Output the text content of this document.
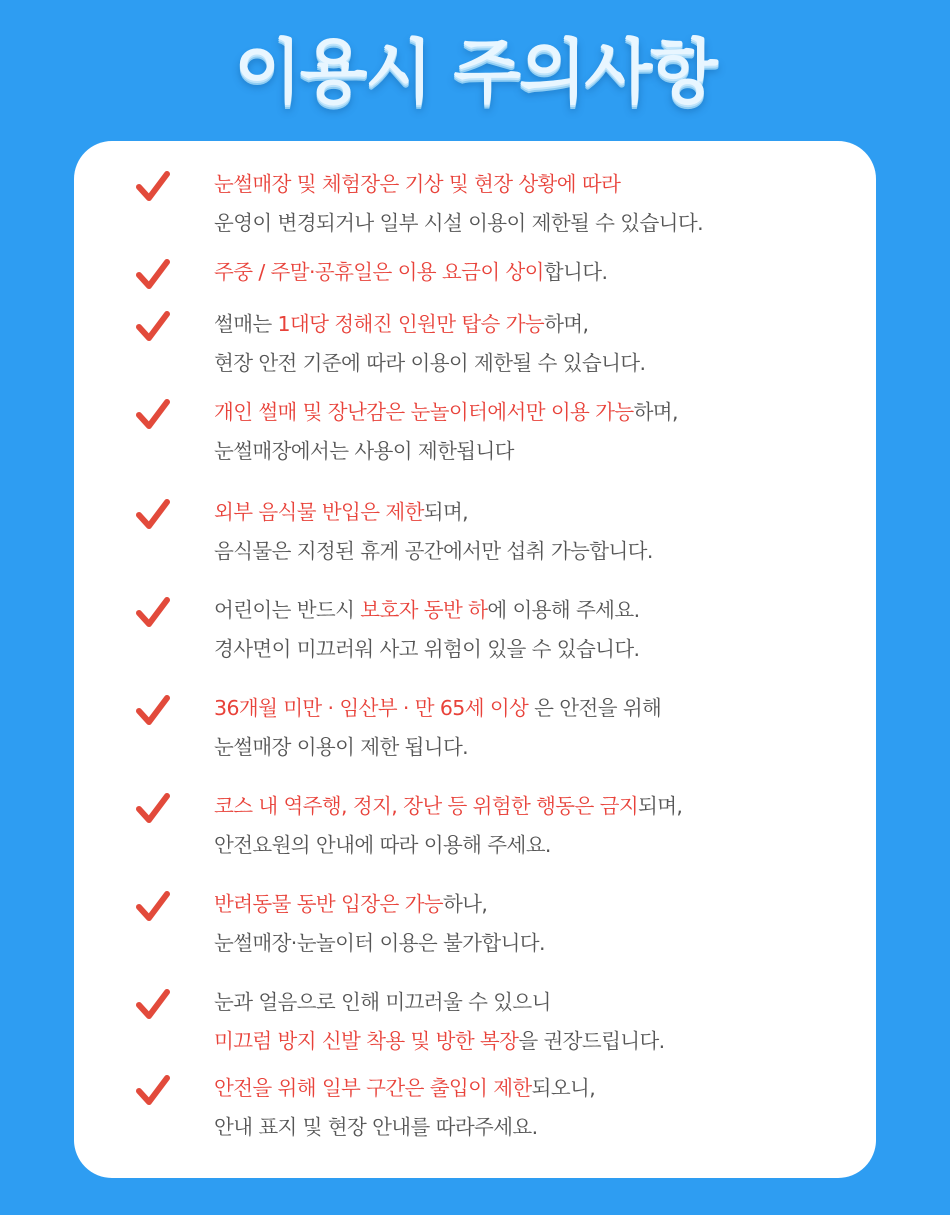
이용시 주의사항
눈썰매장 및 체험장은 기상 및 현장 상황에 따라
운영이 변경되거나 일부 시설 이용이 제한될 수 있습니다.
주중 / 주말·공휴일은 이용 요금이 상이합니다.
썰매는 1대당 정해진 인원만 탑승 가능하며,
현장 안전 기준에 따라 이용이 제한될 수 있습니다.
개인 썰매 및 장난감은 눈놀이터에서만 이용 가능하며,
눈썰매장에서는 사용이 제한됩니다
외부 음식물 반입은 제한되며,
음식물은 지정된 휴게 공간에서만 섭취 가능합니다.
어린이는 반드시 보호자 동반 하에 이용해 주세요.
경사면이 미끄러워 사고 위험이 있을 수 있습니다.
36개월 미만 · 임산부 · 만 65세 이상 은 안전을 위해
눈썰매장 이용이 제한 됩니다.
코스 내 역주행, 정지, 장난 등 위험한 행동은 금지되며,
안전요원의 안내에 따라 이용해 주세요.
반려동물 동반 입장은 가능하나,
눈썰매장·눈놀이터 이용은 불가합니다.
눈과 얼음으로 인해 미끄러울 수 있으니
미끄럼 방지 신발 착용 및 방한 복장을 권장드립니다.
안전을 위해 일부 구간은 출입이 제한되오니,
안내 표지 및 현장 안내를 따라주세요.
